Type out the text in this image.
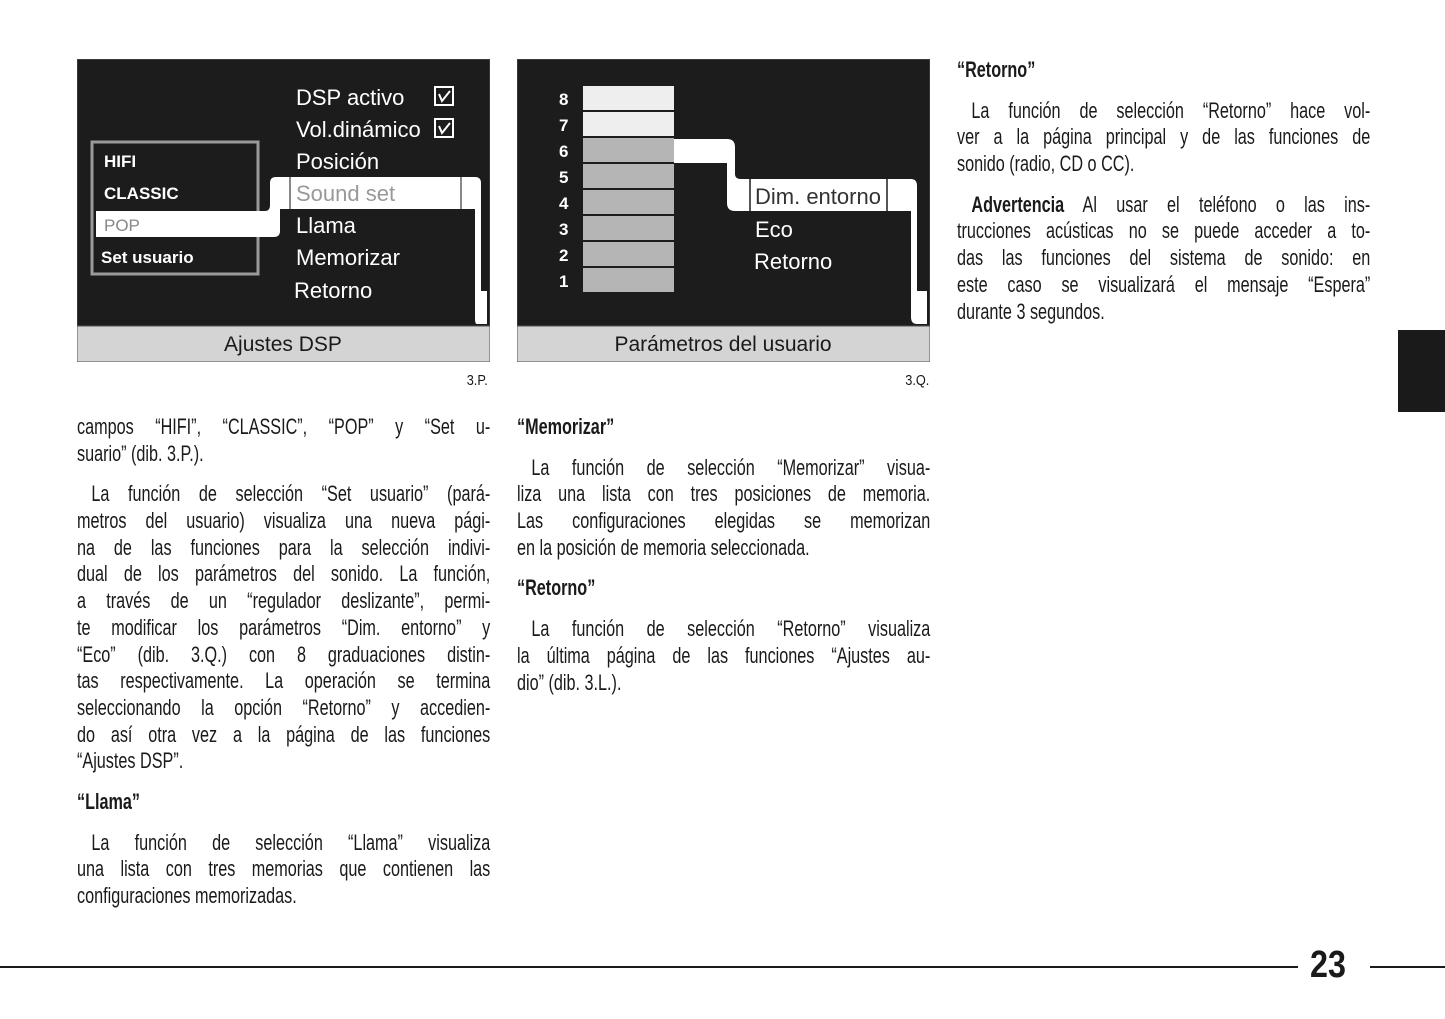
DSP activo
Vol.dinámico
Posición
Sound set
Llama
Memorizar
Retorno
HIFI
CLASSIC
POP
Set usuario
Ajustes DSP
3.P.
8
7
6
5
4
3
2
1
Dim. entorno
Eco
Retorno
Parámetros del usuario
3.Q.
campos “HIFI”, “CLASSIC”, “POP” y “Set u-
suario” (dib. 3.P.).
La función de selección “Set usuario” (pará-
metros del usuario) visualiza una nueva pági-
na de las funciones para la selección indivi-
dual de los parámetros del sonido. La función,
a través de un “regulador deslizante”, permi-
te modificar los parámetros “Dim. entorno” y
“Eco” (dib. 3.Q.) con 8 graduaciones distin-
tas respectivamente. La operación se termina
seleccionando la opción “Retorno” y accedien-
do así otra vez a la página de las funciones
“Ajustes DSP”.
“Llama”
La función de selección “Llama” visualiza
una lista con tres memorias que contienen las
configuraciones memorizadas.
“Memorizar”
La función de selección “Memorizar” visua-
liza una lista con tres posiciones de memoria.
Las configuraciones elegidas se memorizan
en la posición de memoria seleccionada.
“Retorno”
La función de selección “Retorno” visualiza
la última página de las funciones “Ajustes au-
dio” (dib. 3.L.).
“Retorno”
La función de selección “Retorno” hace vol-
ver a la página principal y de las funciones de
sonido (radio, CD o CC).
Advertencia Al usar el teléfono o las ins-
trucciones acústicas no se puede acceder a to-
das las funciones del sistema de sonido: en
este caso se visualizará el mensaje “Espera”
durante 3 segundos.
23
